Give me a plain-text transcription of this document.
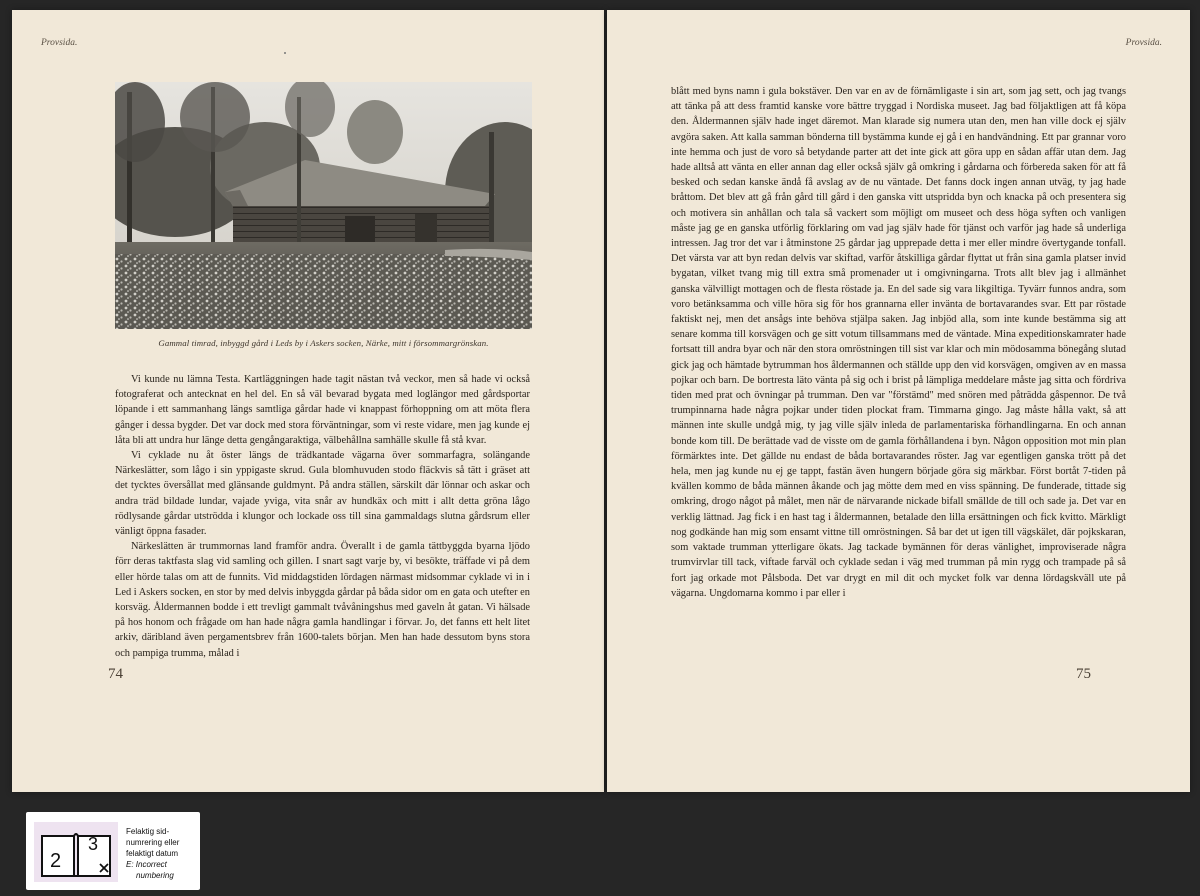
Provsida.
Gammal timrad, inbyggd gård i Leds by i Askers socken, Närke, mitt i försommargrönskan.

Vi kunde nu lämna Testa. Kartläggningen hade tagit nästan två veckor, men så hade vi också fotograferat och antecknat en hel del. En så väl bevarad bygata med loglängor med gårdsportar löpande i ett sammanhang längs samtliga gårdar hade vi knappast förhoppning om att möta flera gånger i dessa bygder. Det var dock med stora förväntningar, som vi reste vidare, men jag kunde ej låta bli att undra hur länge detta gengångaraktiga, välbehållna samhälle skulle få stå kvar.

Vi cyklade nu åt öster längs de trädkantade vägarna över sommarfagra, solängande Närkeslätter, som lågo i sin yppigaste skrud. Gula blomhuvuden stodo fläckvis så tätt i gräset att det tycktes översållat med glänsande guldmynt. På andra ställen, särskilt där lönnar och askar och andra träd bildade lundar, vajade yviga, vita snår av hundkäx och mitt i allt detta gröna lågo rödlysande gårdar utströdda i klungor och lockade oss till sina gammaldags slutna gårdsrum eller vänligt öppna fasader.

Närkeslätten är trummornas land framför andra. Överallt i de gamla tättbyggda byarna ljödo förr deras taktfasta slag vid samling och gillen. I snart sagt varje by, vi besökte, träffade vi på dem eller hörde talas om att de funnits. Vid middagstiden lördagen närmast midsommar cyklade vi in i Led i Askers socken, en stor by med delvis inbyggda gårdar på båda sidor om en gata och utefter en korsväg. Åldermannen bodde i ett trevligt gammalt tvåvåningshus med gaveln åt gatan. Vi hälsade på hos honom och frågade om han hade några gamla handlingar i förvar. Jo, det fanns ett helt litet arkiv, däribland även pergamentsbrev från 1600-talets början. Men han hade dessutom byns stora och pampiga trumma, målad i

74
Provsida.

blått med byns namn i gula bokstäver. Den var en av de förnämligaste i sin art, som jag sett, och jag tvangs att tänka på att dess framtid kanske vore bättre tryggad i Nordiska museet. Jag bad följaktligen att få köpa den. Åldermannen själv hade inget däremot. Man klarade sig numera utan den, men han ville dock ej själv avgöra saken. Att kalla samman bönderna till bystämma kunde ej gå i en handvändning. Ett par grannar voro inte hemma och just de voro så betydande parter att det inte gick att göra upp en sådan affär utan dem. Jag hade alltså att vänta en eller annan dag eller också själv gå omkring i gårdarna och förbereda saken för att få besked och sedan kanske ändå få avslag av de nu väntade. Det fanns dock ingen annan utväg, ty jag hade bråttom. Det blev att gå från gård till gård i den ganska vitt utspridda byn och knacka på och presentera sig och motivera sin anhållan och tala så vackert som möjligt om museet och dess höga syften och vanligen måste jag ge en ganska utförlig förklaring om vad jag själv hade för tjänst och varför jag hade så underliga intressen. Jag tror det var i åtminstone 25 gårdar jag upprepade detta i mer eller mindre övertygande tonfall. Det värsta var att byn redan delvis var skiftad, varför åtskilliga gårdar flyttat ut från sina gamla platser invid bygatan, vilket tvang mig till extra små promenader ut i omgivningarna. Trots allt blev jag i allmänhet ganska välvilligt mottagen och de flesta röstade ja. En del sade sig vara likgiltiga. Tyvärr funnos andra, som voro betänksamma och ville höra sig för hos grannarna eller invänta de bortavarandes svar. Ett par röstade faktiskt nej, men det ansågs inte behöva stjälpa saken. Jag inbjöd alla, som inte kunde bestämma sig att senare komma till korsvägen och ge sitt votum tillsammans med de väntade. Mina expeditionskamrater hade fortsatt till andra byar och när den stora omröstningen till sist var klar och min mödosamma bönegång slutad gick jag och hämtade bytrumman hos åldermannen och ställde upp den vid korsvägen, omgiven av en massa pojkar och barn. De bortresta läto vänta på sig och i brist på lämpliga meddelare måste jag sitta och fördriva tiden med prat och övningar på trumman. Den var "förstämd" med snören med påträdda gåspennor. De två trumpinnarna hade några pojkar under tiden plockat fram. Timmarna gingo. Jag måste hålla vakt, så att männen inte skulle undgå mig, ty jag ville själv inleda de parlamentariska förhandlingarna. En och annan bonde kom till. De berättade vad de visste om de gamla förhållandena i byn. Någon opposition mot min plan förmärktes inte. Det gällde nu endast de båda bortavarandes röster. Jag var egentligen ganska trött på det hela, men jag kunde nu ej ge tappt, fastän även hungern började göra sig märkbar. Först bortåt 7-tiden på kvällen kommo de båda männen åkande och jag mötte dem med en viss spänning. De funderade, tittade sig omkring, drogo något på målet, men när de närvarande nickade bifall smällde de till och sade ja. Det var en verklig lättnad. Jag fick i en hast tag i åldermannen, betalade den lilla ersättningen och fick kvitto. Märkligt nog godkände han mig som ensamt vittne till omröstningen. Så bar det ut igen till vägskälet, där pojkskaran, som vaktade trumman ytterligare ökats. Jag tackade bymännen för deras vänlighet, improviserade några trumvirvlar till tack, viftade farväl och cyklade sedan i väg med trumman på min rygg och trampade på så fort jag orkade mot Pålsboda. Det var drygt en mil dit och mycket folk var denna lördagskväll ute på vägarna. Ungdomarna kommo i par eller i

75
2
3
Felaktig sid-
numrering eller
felaktigt datum
E: Incorrect
numbering
